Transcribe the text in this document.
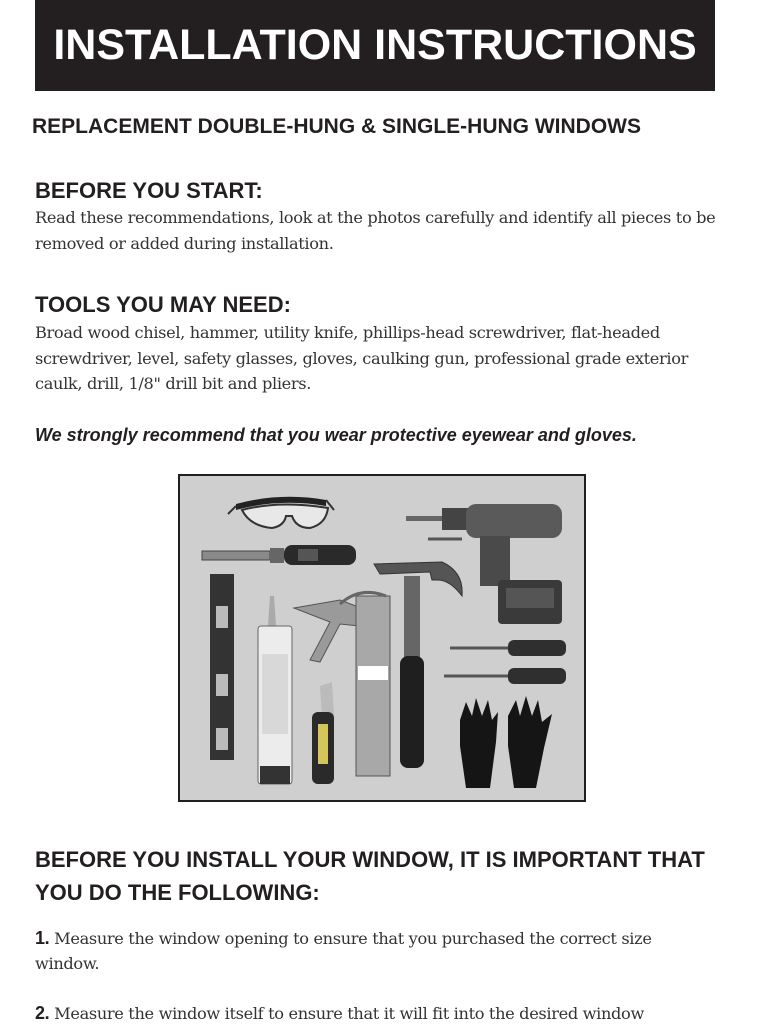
INSTALLATION INSTRUCTIONS
REPLACEMENT DOUBLE-HUNG & SINGLE-HUNG WINDOWS
BEFORE YOU START:
Read these recommendations, look at the photos carefully and identify all pieces to be removed or added during installation.
TOOLS YOU MAY NEED:
Broad wood chisel, hammer, utility knife, phillips-head screwdriver, flat-headed screwdriver, level, safety glasses, gloves, caulking gun, professional grade exterior caulk, drill, 1/8" drill bit and pliers.
We strongly recommend that you wear protective eyewear and gloves.
BEFORE YOU INSTALL YOUR WINDOW, IT IS IMPORTANT THAT YOU DO THE FOLLOWING:
1. Measure the window opening to ensure that you purchased the correct size window.
2. Measure the window itself to ensure that it will fit into the desired window
